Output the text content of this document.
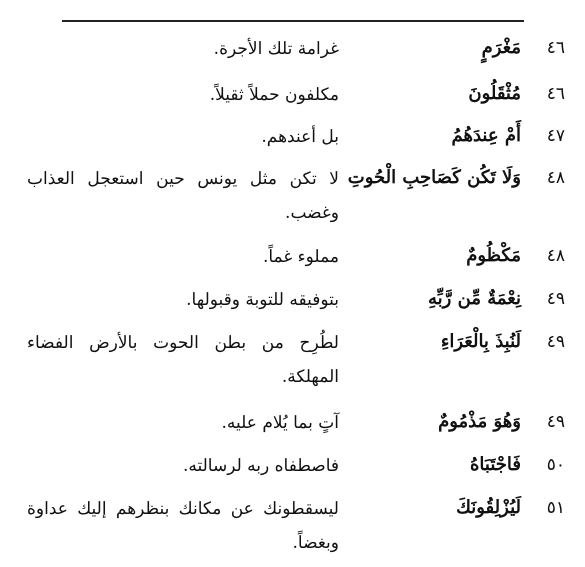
٤٦
مَغْرَمٍ
غرامة تلك الأجرة.
٤٦
مُثْقَلُونَ
مكلفون حملاً ثقيلاً.
٤٧
أَمْ عِندَهُمُ
بل أعندهم.
٤٨
وَلَا تَكُن كَصَاحِبِ الْحُوتِ
لا تكن مثل يونس حين استعجل العذاب وغضب.
٤٨
مَكْظُومٌ
مملوء غماً.
٤٩
نِعْمَةٌ مِّن رَّبِّهِ
بتوفيقه للتوبة وقبولها.
٤٩
لَنُبِذَ بِالْعَرَاءِ
لطُرِح من بطن الحوت بالأرض الفضاء المهلكة.
٤٩
وَهُوَ مَذْمُومٌ
آتٍ بما يُلام عليه.
٥٠
فَاجْتَبَاهُ
فاصطفاه ربه لرسالته.
٥١
لَيُزْلِقُونَكَ
ليسقطونك عن مكانك بنظرهم إليك عداوة وبغضاً.
